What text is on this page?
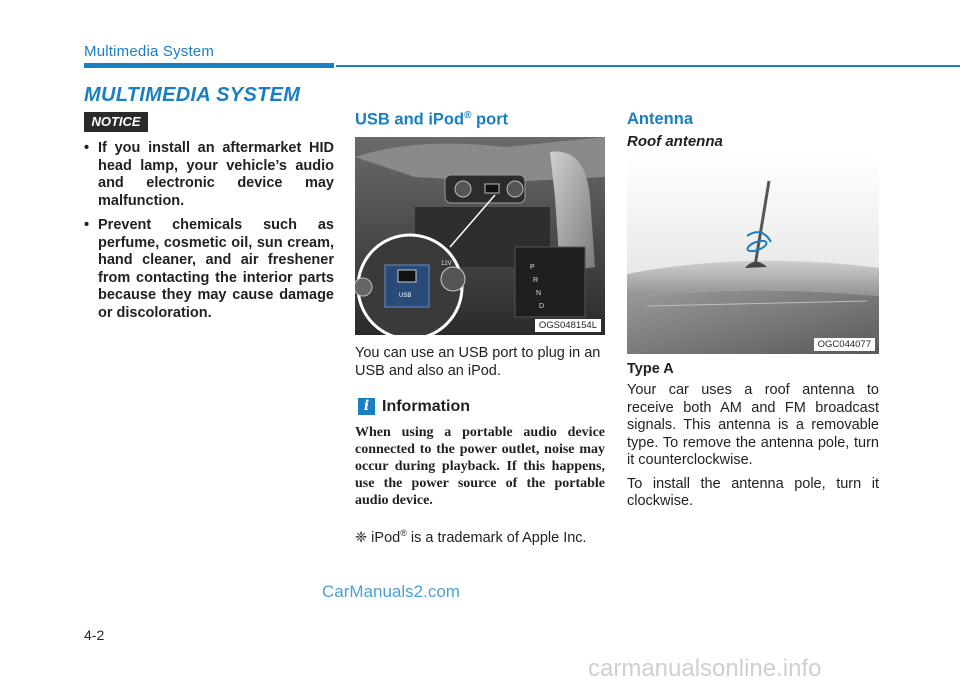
Multimedia System
MULTIMEDIA SYSTEM
NOTICE
• If you install an aftermarket HID head lamp, your vehicle’s audio and electronic device may malfunction.
• Prevent chemicals such as perfume, cosmetic oil, sun cream, hand cleaner, and air freshener from contacting the interior parts because they may cause damage or discoloration.
USB and iPod® port
P
R
N
D
USB
12V
OGS048154L
You can use an USB port to plug in an USB and also an iPod.
i Information
When using a portable audio device connected to the power outlet, noise may occur during playback. If this happens, use the power source of the portable audio device.
❈ iPod® is a trademark of Apple Inc.
Antenna
Roof antenna
OGC044077
Type A

Your car uses a roof antenna to receive both AM and FM broadcast signals. This antenna is a removable type. To remove the antenna pole, turn it counterclockwise.

To install the antenna pole, turn it clockwise.

CarManuals2.com
4-2
carmanualsonline.info
